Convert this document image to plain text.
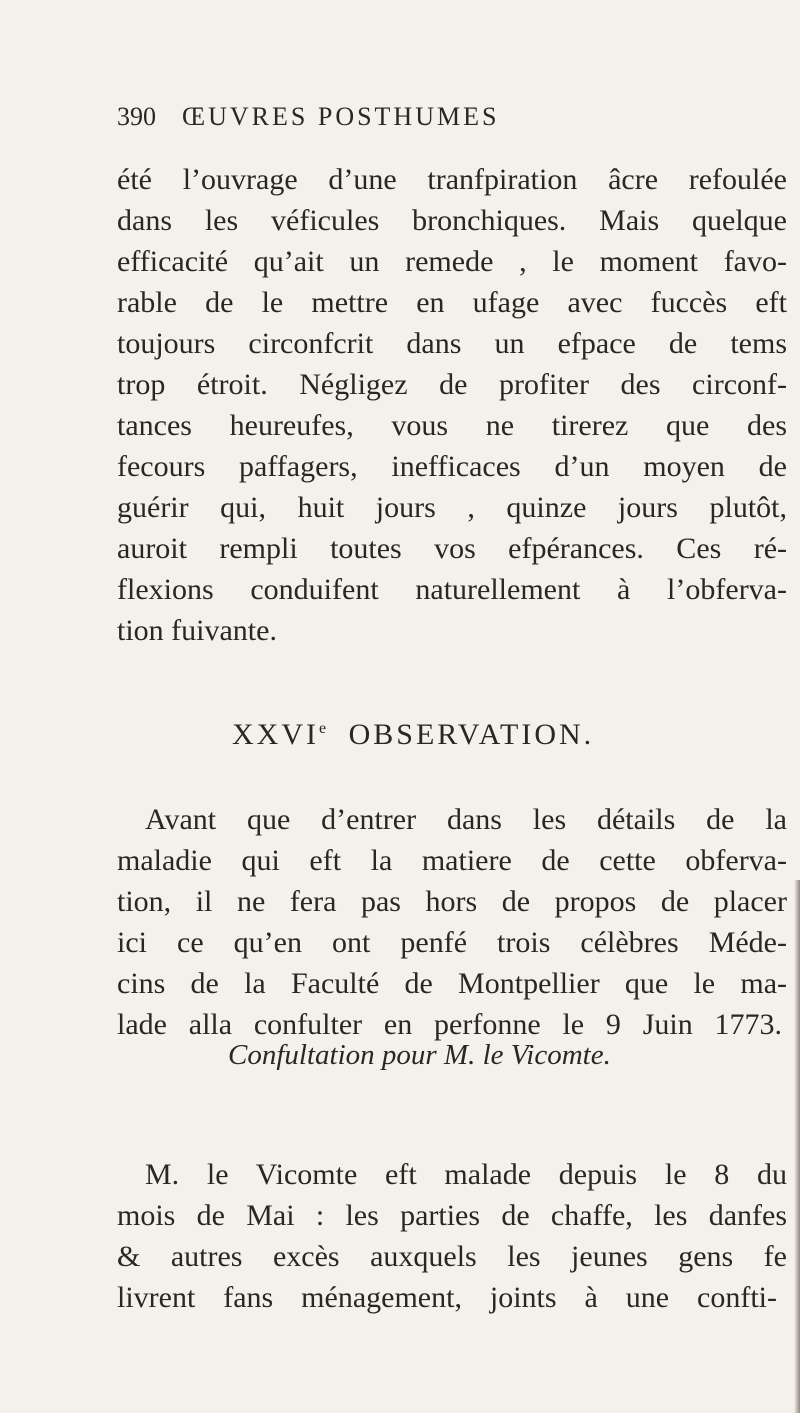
390 ŒUVRES POSTHUMES
été l’ouvrage d’une tranfpiration âcre refoulée
dans les véficules bronchiques. Mais quelque
efficacité qu’ait un remede , le moment favo-
rable de le mettre en ufage avec fuccès eft
toujours circonfcrit dans un efpace de tems
trop étroit. Négligez de profiter des circonf-
tances heureufes, vous ne tirerez que des
fecours paffagers, inefficaces d’un moyen de
guérir qui, huit jours , quinze jours plutôt,
auroit rempli toutes vos efpérances. Ces ré-
flexions conduifent naturellement à l’obferva-
tion fuivante.
XXVIe OBSERVATION.
Avant que d’entrer dans les détails de la
maladie qui eft la matiere de cette obferva-
tion, il ne fera pas hors de propos de placer
ici ce qu’en ont penfé trois célèbres Méde-
cins de la Faculté de Montpellier que le ma-
lade alla confulter en perfonne le 9 Juin 1773.
Confultation pour M. le Vicomte.
M. le Vicomte eft malade depuis le 8 du
mois de Mai : les parties de chaffe, les danfes
& autres excès auxquels les jeunes gens fe
livrent fans ménagement, joints à une confti-
